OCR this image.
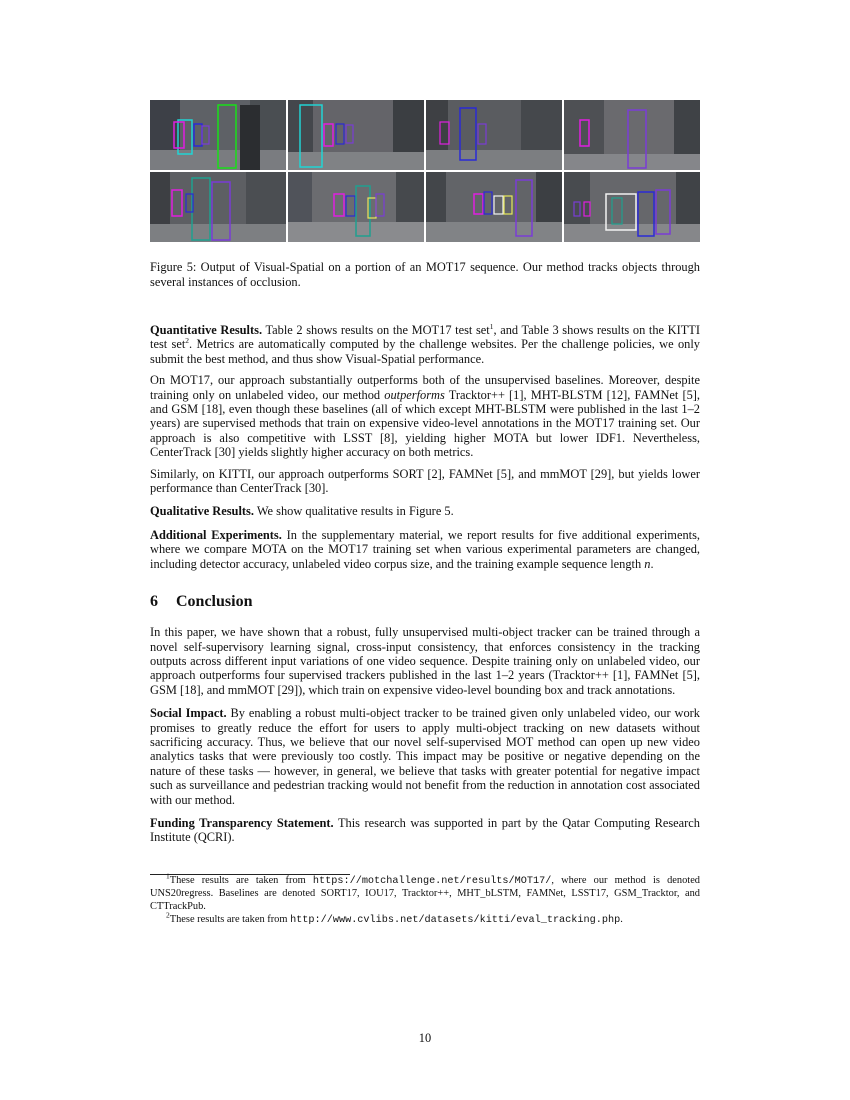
Figure 5: Output of Visual-Spatial on a portion of an MOT17 sequence. Our method tracks objects through several instances of occlusion.

Quantitative Results. Table 2 shows results on the MOT17 test set$^1$, and Table 3 shows results on the KITTI test set$^2$. Metrics are automatically computed by the challenge websites. Per the challenge policies, we only submit the best method, and thus show Visual-Spatial performance.

On MOT17, our approach substantially outperforms both of the unsupervised baselines. Moreover, despite training only on unlabeled video, our method outperforms Tracktor++ [1], MHT-BLSTM [12], FAMNet [5], and GSM [18], even though these baselines (all of which except MHT-BLSTM were published in the last 1–2 years) are supervised methods that train on expensive video-level annotations in the MOT17 training set. Our approach is also competitive with LSST [8], yielding higher MOTA but lower IDF1. Nevertheless, CenterTrack [30] yields slightly higher accuracy on both metrics.

Similarly, on KITTI, our approach outperforms SORT [2], FAMNet [5], and mmMOT [29], but yields lower performance than CenterTrack [30].

Qualitative Results. We show qualitative results in Figure 5.

Additional Experiments. In the supplementary material, we report results for five additional experiments, where we compare MOTA on the MOT17 training set when various experimental parameters are changed, including detector accuracy, unlabeled video corpus size, and the training example sequence length n.

6 Conclusion

In this paper, we have shown that a robust, fully unsupervised multi-object tracker can be trained through a novel self-supervisory learning signal, cross-input consistency, that enforces consistency in the tracking outputs across different input variations of one video sequence. Despite training only on unlabeled video, our approach outperforms four supervised trackers published in the last 1–2 years (Tracktor++ [1], FAMNet [5], GSM [18], and mmMOT [29]), which train on expensive video-level bounding box and track annotations.

Social Impact. By enabling a robust multi-object tracker to be trained given only unlabeled video, our work promises to greatly reduce the effort for users to apply multi-object tracking on new datasets without sacrificing accuracy. Thus, we believe that our novel self-supervised MOT method can open up new video analytics tasks that were previously too costly. This impact may be positive or negative depending on the nature of these tasks — however, in general, we believe that tasks with greater potential for negative impact such as surveillance and pedestrian tracking would not benefit from the reduction in annotation cost associated with our method.

Funding Transparency Statement. This research was supported in part by the Qatar Computing Research Institute (QCRI).

$^1$These results are taken from https://motchallenge.net/results/MOT17/, where our method is denoted UNS20regress. Baselines are denoted SORT17, IOU17, Tracktor++, MHT_bLSTM, FAMNet, LSST17, GSM_Tracktor, and CTTrackPub.

$^2$These results are taken from http://www.cvlibs.net/datasets/kitti/eval_tracking.php.

10
